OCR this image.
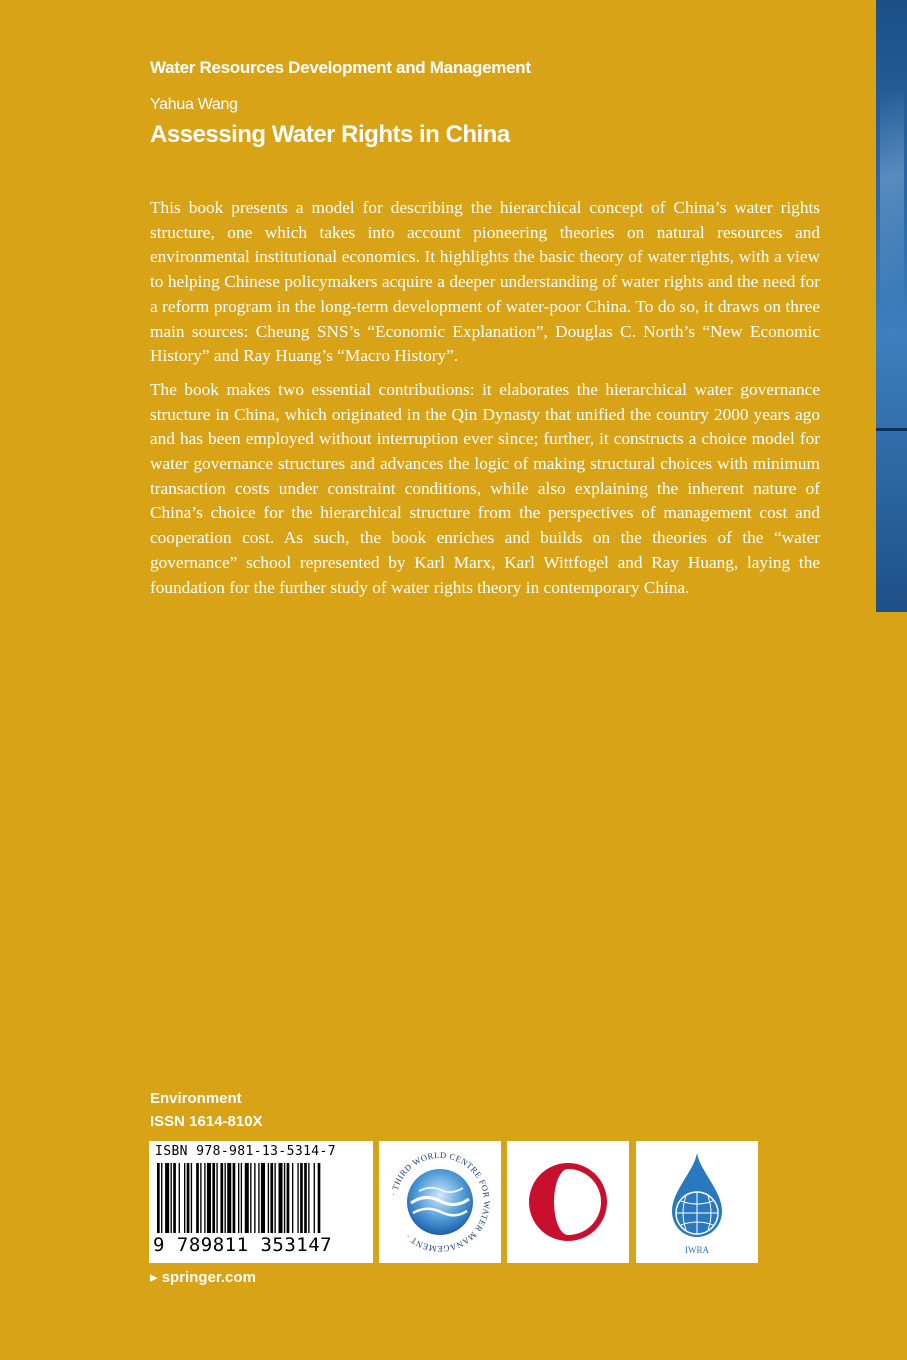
Water Resources Development and Management

Yahua Wang

Assessing Water Rights in China

This book presents a model for describing the hierarchical concept of China’s water rights structure, one which takes into account pioneering theories on natural resources and environmental institutional economics. It highlights the basic theory of water rights, with a view to helping Chinese policymakers acquire a deeper understanding of water rights and the need for a reform program in the long-term development of water-poor China. To do so, it draws on three main sources: Cheung SNS’s “Economic Explanation”, Douglas C. North’s “New Economic History” and Ray Huang’s “Macro History”.

The book makes two essential contributions: it elaborates the hierarchical water governance structure in China, which originated in the Qin Dynasty that unified the country 2000 years ago and has been employed without interruption ever since; further, it constructs a choice model for water governance structures and advances the logic of making structural choices with minimum transaction costs under constraint conditions, while also explaining the inherent nature of China’s choice for the hierarchical structure from the perspectives of management cost and cooperation cost. As such, the book enriches and builds on the theories of the “water governance” school represented by Karl Marx, Karl Wittfogel and Ray Huang, laying the foundation for the further study of water rights theory in contemporary China.

Environment

ISSN 1614-810X

ISBN 978-981-13-5314-7

9 789811 353147

· THIRD WORLD CENTRE FOR WATER MANAGEMENT ·
IWRA

▸ springer.com
